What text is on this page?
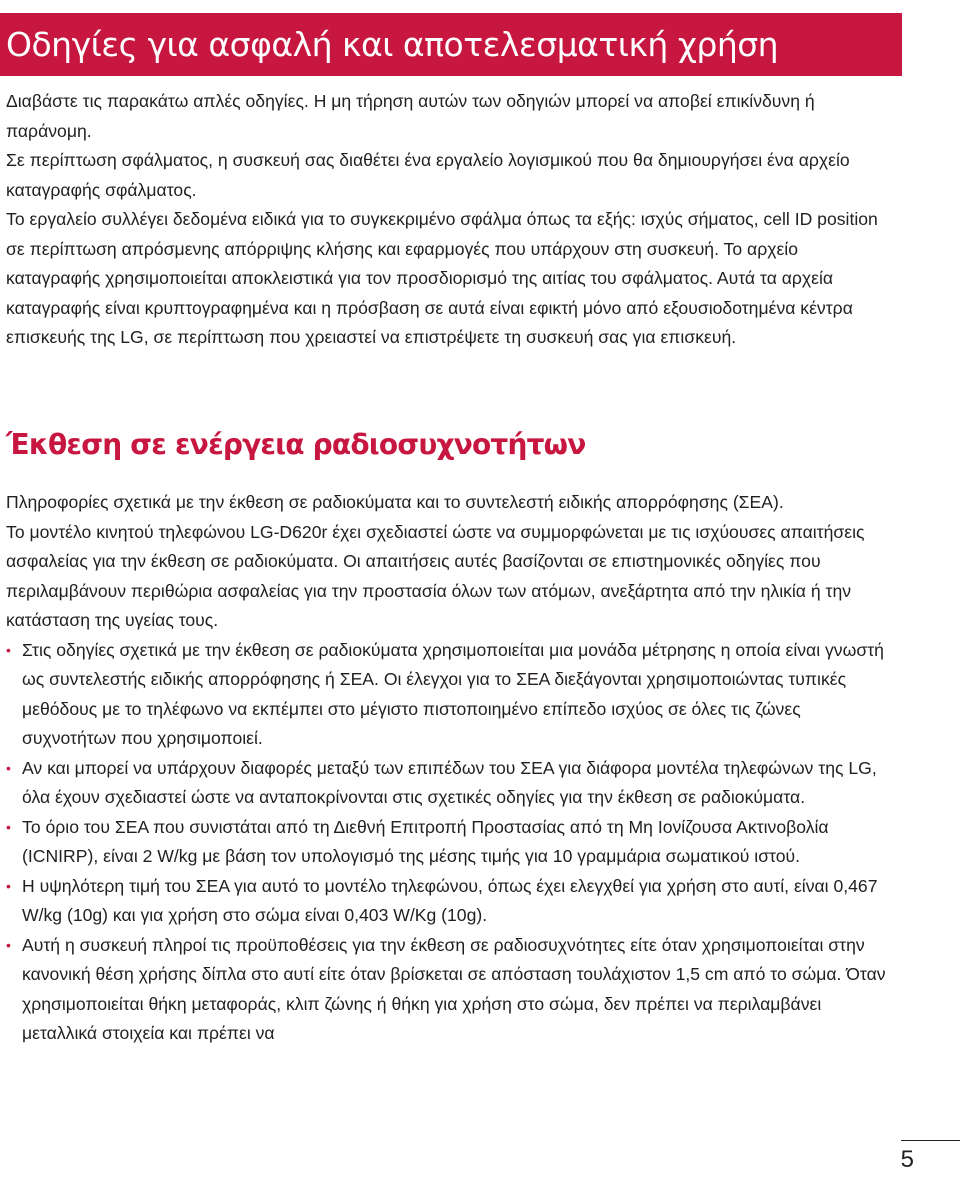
Οδηγίες για ασφαλή και αποτελεσματική χρήση

Διαβάστε τις παρακάτω απλές οδηγίες. Η μη τήρηση αυτών των οδηγιών μπορεί να αποβεί επικίνδυνη ή παράνομη.

Σε περίπτωση σφάλματος, η συσκευή σας διαθέτει ένα εργαλείο λογισμικού που θα δημιουργήσει ένα αρχείο καταγραφής σφάλματος.

Το εργαλείο συλλέγει δεδομένα ειδικά για το συγκεκριμένο σφάλμα όπως τα εξής: ισχύς σήματος, cell ID position σε περίπτωση απρόσμενης απόρριψης κλήσης και εφαρμογές που υπάρχουν στη συσκευή. Το αρχείο καταγραφής χρησιμοποιείται αποκλειστικά για τον προσδιορισμό της αιτίας του σφάλματος. Αυτά τα αρχεία καταγραφής είναι κρυπτογραφημένα και η πρόσβαση σε αυτά είναι εφικτή μόνο από εξουσιοδοτημένα κέντρα επισκευής της LG, σε περίπτωση που χρειαστεί να επιστρέψετε τη συσκευή σας για επισκευή.

Έκθεση σε ενέργεια ραδιοσυχνοτήτων

Πληροφορίες σχετικά με την έκθεση σε ραδιοκύματα και το συντελεστή ειδικής απορρόφησης (ΣΕΑ).

Το μοντέλο κινητού τηλεφώνου LG-D620r έχει σχεδιαστεί ώστε να συμμορφώνεται με τις ισχύουσες απαιτήσεις ασφαλείας για την έκθεση σε ραδιοκύματα. Οι απαιτήσεις αυτές βασίζονται σε επιστημονικές οδηγίες που περιλαμβάνουν περιθώρια ασφαλείας για την προστασία όλων των ατόμων, ανεξάρτητα από την ηλικία ή την κατάσταση της υγείας τους.

• Στις οδηγίες σχετικά με την έκθεση σε ραδιοκύματα χρησιμοποιείται μια μονάδα μέτρησης η οποία είναι γνωστή ως συντελεστής ειδικής απορρόφησης ή ΣΕΑ. Οι έλεγχοι για το ΣΕΑ διεξάγονται χρησιμοποιώντας τυπικές μεθόδους με το τηλέφωνο να εκπέμπει στο μέγιστο πιστοποιημένο επίπεδο ισχύος σε όλες τις ζώνες συχνοτήτων που χρησιμοποιεί.
• Αν και μπορεί να υπάρχουν διαφορές μεταξύ των επιπέδων του ΣΕΑ για διάφορα μοντέλα τηλεφώνων της LG, όλα έχουν σχεδιαστεί ώστε να ανταποκρίνονται στις σχετικές οδηγίες για την έκθεση σε ραδιοκύματα.
• Το όριο του ΣΕΑ που συνιστάται από τη Διεθνή Επιτροπή Προστασίας από τη Μη Ιονίζουσα Ακτινοβολία (ICNIRP), είναι 2 W/kg με βάση τον υπολογισμό της μέσης τιμής για 10 γραμμάρια σωματικού ιστού.
• Η υψηλότερη τιμή του ΣΕΑ για αυτό το μοντέλο τηλεφώνου, όπως έχει ελεγχθεί για χρήση στο αυτί, είναι 0,467 W/kg (10g) και για χρήση στο σώμα είναι 0,403 W/Kg (10g).
• Αυτή η συσκευή πληροί τις προϋποθέσεις για την έκθεση σε ραδιοσυχνότητες είτε όταν χρησιμοποιείται στην κανονική θέση χρήσης δίπλα στο αυτί είτε όταν βρίσκεται σε απόσταση τουλάχιστον 1,5 cm από το σώμα. Όταν χρησιμοποιείται θήκη μεταφοράς, κλιπ ζώνης ή θήκη για χρήση στο σώμα, δεν πρέπει να περιλαμβάνει μεταλλικά στοιχεία και πρέπει να
5
